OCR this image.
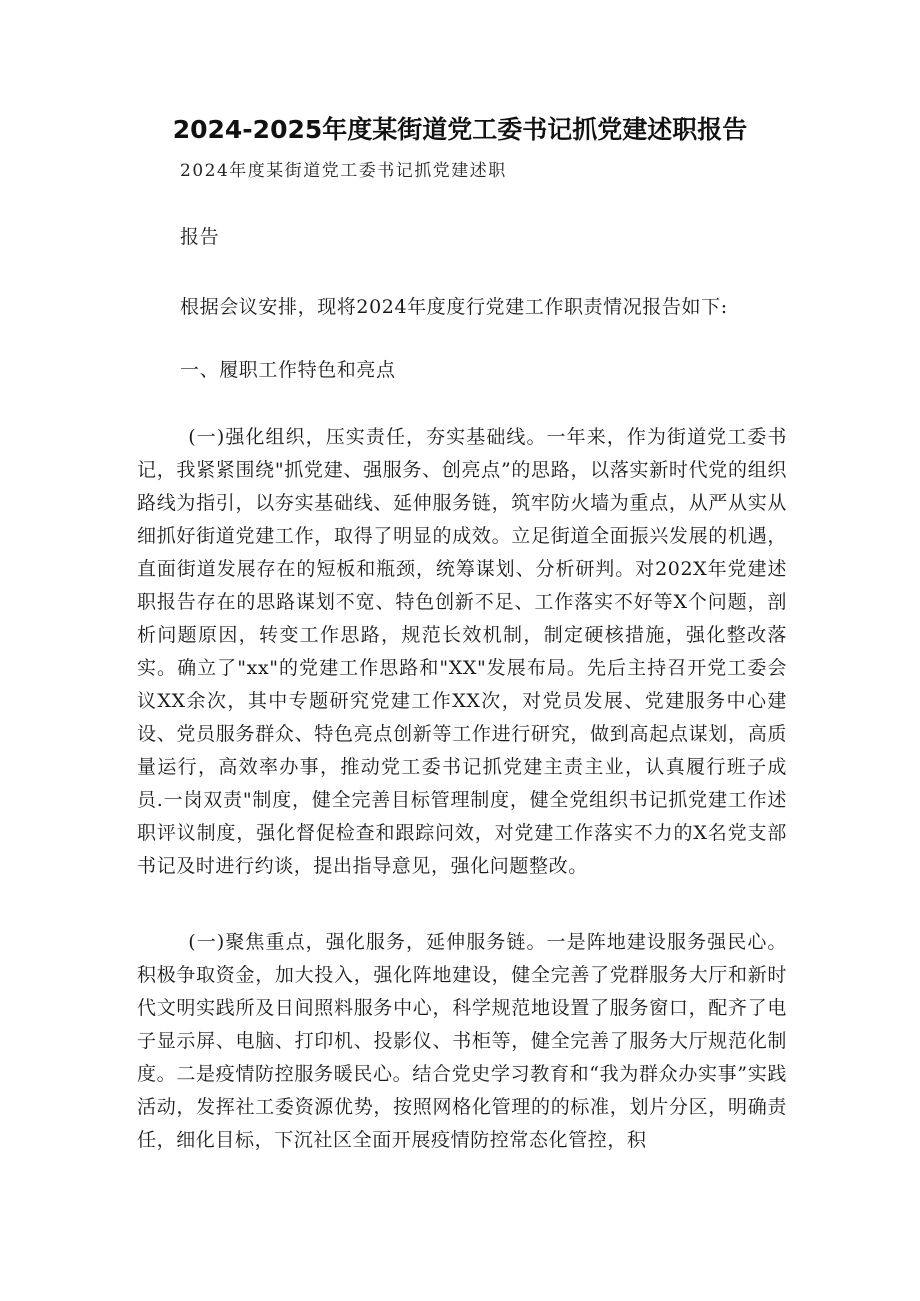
2024-2025年度某街道党工委书记抓党建述职报告
2024年度某街道党工委书记抓党建述职
报告
根据会议安排，现将2024年度度行党建工作职责情况报告如下:
一、履职工作特色和亮点

(一)强化组织，压实责任，夯实基础线。一年来，作为街道党工委书记，我紧紧围绕"抓党建、强服务、创亮点”的思路，以落实新时代党的组织路线为指引，以夯实基础线、延伸服务链，筑牢防火墙为重点，从严从实从细抓好街道党建工作，取得了明显的成效。立足街道全面振兴发展的机遇，直面街道发展存在的短板和瓶颈，统筹谋划、分析研判。对202X年党建述职报告存在的思路谋划不宽、特色创新不足、工作落实不好等X个问题，剖析问题原因，转变工作思路，规范长效机制，制定硬核措施，强化整改落实。确立了"xx"的党建工作思路和"XX"发展布局。先后主持召开党工委会议XX余次，其中专题研究党建工作XX次，对党员发展、党建服务中心建设、党员服务群众、特色亮点创新等工作进行研究，做到高起点谋划，高质量运行，高效率办事，推动党工委书记抓党建主责主业，认真履行班子成员.一岗双责"制度，健全完善目标管理制度，健全党组织书记抓党建工作述职评议制度，强化督促检查和跟踪问效，对党建工作落实不力的X名党支部书记及时进行约谈，提出指导意见，强化问题整改。

(一)聚焦重点，强化服务，延伸服务链。一是阵地建设服务强民心。积极争取资金，加大投入，强化阵地建设，健全完善了党群服务大厅和新时代文明实践所及日间照料服务中心，科学规范地设置了服务窗口，配齐了电子显示屏、电脑、打印机、投影仪、书柜等，健全完善了服务大厅规范化制度。二是疫情防控服务暖民心。结合党史学习教育和“我为群众办实事”实践活动，发挥社工委资源优势，按照网格化管理的的标准，划片分区，明确责任，细化目标，下沉社区全面开展疫情防控常态化管控，积
